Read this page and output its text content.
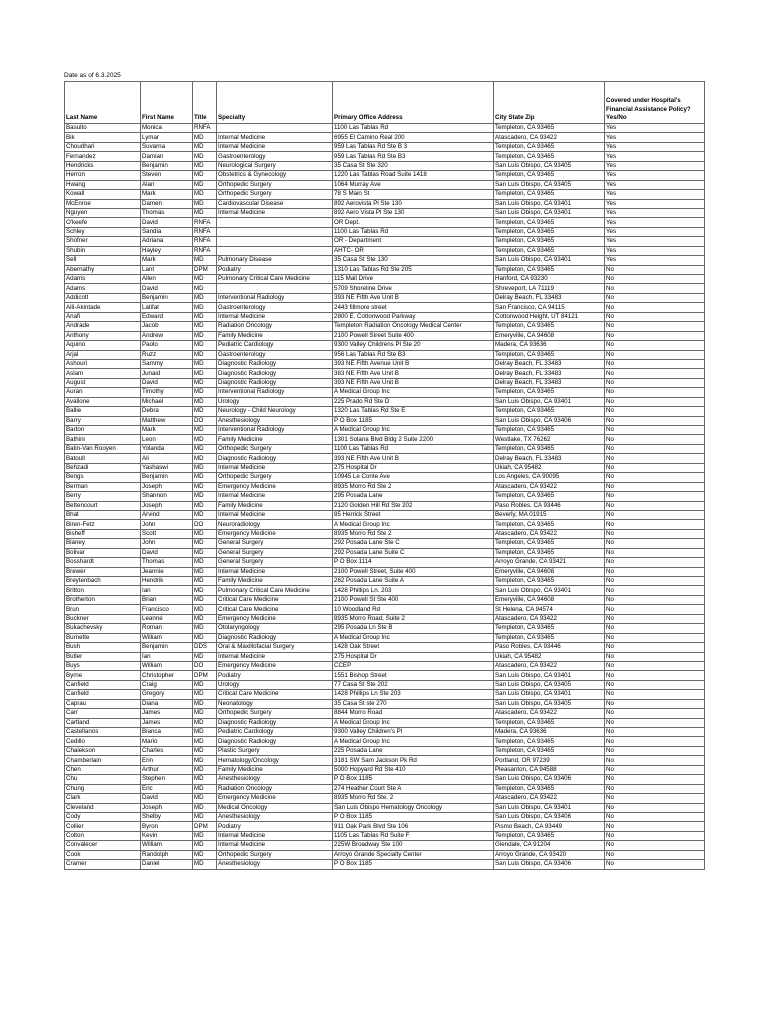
Date as of 6.3.2025
Last Name	First Name	Title	Specialty	Primary Office Address	City State Zip	Covered under Hospital's Financial Assistance Policy? Yes/No
Basulto	Monica	RNFA		1100 Las Tablas Rd	Templeton, CA 93465	Yes
Bik	Lymar	MD	Internal Medicine	6955 El Camino Real 200	Atascadero, CA 93422	Yes
Choudhari	Suvarna	MD	Internal Medicine	959 Las Tablas Rd Ste B 3	Templeton, CA 93465	Yes
Fernandez	Damian	MD	Gastroenterology	959 Las Tablas Rd Ste B3	Templeton, CA 93465	Yes
Hendricks	Benjamin	MD	Neurological Surgery	35 Casa St Ste 320	San Luis Obispo, CA 93405	Yes
Herron	Steven	MD	Obstetrics & Gynecology	1220 Las Tablas Road Suite 1418	Templeton, CA 93465	Yes
Hwang	Alan	MD	Orthopedic Surgery	1064 Murray Ave	San Luis Obispo, CA 93405	Yes
Kowall	Mark	MD	Orthopedic Surgery	78 S Main St	Templeton, CA 93465	Yes
McEnroe	Damen	MD	Cardiovascular Disease	892 Aerovista Pl Ste 130	San Luis Obispo, CA 93401	Yes
Nguyen	Thomas	MD	Internal Medicine	892 Aero Vista Pl Ste 130	San Luis Obispo, CA 93401	Yes
O'keefe	David	RNFA		OR Dept.	Templeton, CA 93465	Yes
Schley	Sandia	RNFA		1100 Las Tablas Rd	Templeton, CA 93465	Yes
Shofner	Adriana	RNFA		OR - Department	Templeton, CA 93465	Yes
Shubin	Hayley	RNFA		AHTC- OR	Templeton, CA 93465	Yes
Sell	Mark	MD	Pulmonary Disease	35 Casa St Ste 130	San Luis Obispo, CA 93401	Yes
Abernathy	Lant	DPM	Podiatry	1310 Las Tablas Rd Ste 205	Templeton, CA 93465	No
Adams	Allen	MD	Pulmonary Critical Care Medicine	115 Mall Drive	Hanford, CA 93230	No
Adams	David	MD		5709 Shoreline Drive	Shreveport, LA 71119	No
Addicott	Benjamin	MD	Interventional Radiology	393 NE Fifth Ave Unit B	Delray Beach, FL 33483	No
Alli-Akintade	Latifat	MD	Gastroenterology	2443 fillmore street	San Francisco, CA 94115	No
Anafi	Edward	MD	Internal Medicine	2800 E. Cottonwood Parkway	Cottonwood Height, UT 84121	No
Andrade	Jacob	MD	Radiation Oncology	Templeton Radiation Oncology Medical Center	Templeton, CA 93465	No
Anthony	Andrew	MD	Family Medicine	2100 Powell Street Suite 400	Emeryville, CA 94608	No
Aquino	Paolo	MD	Pediatric Cardiology	9300 Valley Childrens Pl Ste 20	Madera, CA 93636	No
Arjal	Ruzz	MD	Gastroenterology	956 Las Tablas Rd Ste B3	Templeton, CA 93465	No
Ashouri	Sammy	MD	Diagnostic Radiology	393 NE Fifth Avenue Unit B	Delray Beach, FL 33483	No
Aslam	Junaid	MD	Diagnostic Radiology	383 NE Fifth Ave Unit B	Delray Beach, FL 33483	No
August	David	MD	Diagnostic Radiology	393 NE Fifth Ave Unit B	Delray Beach, FL 33483	No
Auran	Timothy	MD	Interventional Radiology	A Medical Group Inc	Templeton, CA 93465	No
Avallone	Michael	MD	Urology	225 Prado Rd Ste D	San Luis Obispo, CA 93401	No
Ballie	Debra	MD	Neurology - Child Neurology	1320 Las Tablas Rd Ste E	Templeton, CA 93465	No
Barry	Matthew	DO	Anesthesiology	P O Box 1185	San Luis Obispo, CA 93406	No
Barton	Mark	MD	Interventional Radiology	A Medical Group Inc	Templeton, CA 93465	No
Bathini	Leon	MD	Family Medicine	1301 Solana Blvd Bldg 2 Suite 2200	Westlake, TX 76262	No
Batin-Van Rooyen	Yolanda	MD	Orthopedic Surgery	1100 Las Tablas Rd	Templeton, CA 93465	No
Batoull	Ali	MD	Diagnostic Radiology	393 NE Fifth Ave Unit B	Delray Beach, FL 33483	No
Behzadi	Yashaswi	MD	Internal Medicine	275 Hospital Dr	Ukiah, CA 95482	No
Bengs	Benjamin	MD	Orthopedic Surgery	10945 Le Conte Ave	Los Angeles, CA 90095	No
Berman	Joseph	MD	Emergency Medicine	8935 Morro Rd Ste 2	Atascadero, CA 93422	No
Berry	Shannon	MD	Internal Medicine	295 Posada Lane	Templeton, CA 93465	No
Bettencourt	Joseph	MD	Family Medicine	2120 Golden Hill Rd Ste 202	Paso Robles, CA 93446	No
Bhat	Arvind	MD	Internal Medicine	85 Herrick Street	Beverly, MA 01915	No
Biren-Fetz	John	DO	Neuroradiology	A Medical Group Inc	Templeton, CA 93465	No
Bisheff	Scott	MD	Emergency Medicine	8935 Morro Rd Ste 2	Atascadero, CA 93422	No
Blaney	John	MD	General Surgery	292 Posada Lane Ste C	Templeton, CA 93465	No
Bolivar	David	MD	General Surgery	292 Posada Lane Suite C	Templeton, CA 93465	No
Bosshardt	Thomas	MD	General Surgery	P O Box 1114	Arroyo Grande, CA 93421	No
Brewer	Jeannie	MD	Internal Medicine	2100 Powell Street, Suite 400	Emeryville, CA 94608	No
Breytenbach	Hendrik	MD	Family Medicine	262 Posada Lane Suite A	Templeton, CA 93465	No
Britton	Ian	MD	Pulmonary Critical Care Medicine	1428 Phillips Ln. 203	San Luis Obispo, CA 93401	No
Brotherton	Brian	MD	Critical Care Medicine	2100 Powell St Ste 400	Emeryville, CA 94608	No
Brun	Francisco	MD	Critical Care Medicine	10 Woodland Rd	St Helena, CA 94574	No
Buckner	Leanne	MD	Emergency Medicine	8935 Morro Road, Suite 2	Atascadero, CA 93422	No
Bukachevsky	Roman	MD	Otolaryngology	295 Posada Ln Ste B	Templeton, CA 93465	No
Burnette	William	MD	Diagnostic Radiology	A Medical Group Inc	Templeton, CA 93465	No
Bush	Benjamin	DDS	Oral & Maxillofacial Surgery	1428 Oak Street	Paso Robles, CA 93446	No
Butler	Ian	MD	Internal Medicine	275 Hospital Dr	Ukiah, CA 95482	No
Buys	William	DO	Emergency Medicine	CCEP	Atascadero, CA 93422	No
Byrne	Christopher	DPM	Podiatry	1551 Bishop Street	San Luis Obispo, CA 93401	No
Canfield	Craig	MD	Urology	77 Casa St Ste 202	San Luis Obispo, CA 93405	No
Canfield	Gregory	MD	Critical Care Medicine	1428 Phillips Ln Ste 203	San Luis Obispo, CA 93401	No
Caprau	Diana	MD	Neonatology	35 Casa St ste 270	San Luis Obispo, CA 93405	No
Carr	James	MD	Orthopedic Surgery	8844 Morro Road	Atascadero, CA 93422	No
Cartland	James	MD	Diagnostic Radiology	A Medical Group Inc	Templeton, CA 93465	No
Castellanos	Bianca	MD	Pediatric Cardiology	9300 Valley Children's Pl	Madera, CA 93636	No
Cedillo	Mario	MD	Diagnostic Radiology	A Medical Group Inc	Templeton, CA 93465	No
Chaiekson	Charles	MD	Plastic Surgery	225 Posada Lane	Templeton, CA 93465	No
Chamberlain	Erin	MD	Hematology/Oncology	3181 SW Sam Jackson Pk Rd	Portland, OR 97239	No
Chen	Arthur	MD	Family Medicine	5000 Hopyard Rd Ste 410	Pleasanton, CA 94588	No
Chu	Stephen	MD	Anesthesiology	P O Box 1185	San Luis Obispo, CA 93406	No
Chung	Eric	MD	Radiation Oncology	274 Heather Court Ste A	Templeton, CA 93465	No
Clark	David	MD	Emergency Medicine	8935 Morro Rd Ste. 2	Atascadero, CA 93422	No
Cleveland	Joseph	MD	Medical Oncology	San Luis Obispo Hematology Oncology	San Luis Obispo, CA 93401	No
Cody	Shelby	MD	Anesthesiology	P O Box 1185	San Luis Obispo, CA 93406	No
Collier	Byron	DPM	Podiatry	911 Oak Park Blvd Ste 106	Pismo Beach, CA 93449	No
Colton	Kevin	MD	Internal Medicine	1105 Las Tablas Rd Suite F	Templeton, CA 93465	No
Convalecer	William	MD	Internal Medicine	225W Broadway Ste 100	Glendale, CA 91204	No
Cook	Randolph	MD	Orthopedic Surgery	Arroyo Grande Specialty Center	Arroyo Grande, CA 93420	No
Cramer	Daniel	MD	Anesthesiology	P O Box 1185	San Luis Obispo, CA 93406	No
